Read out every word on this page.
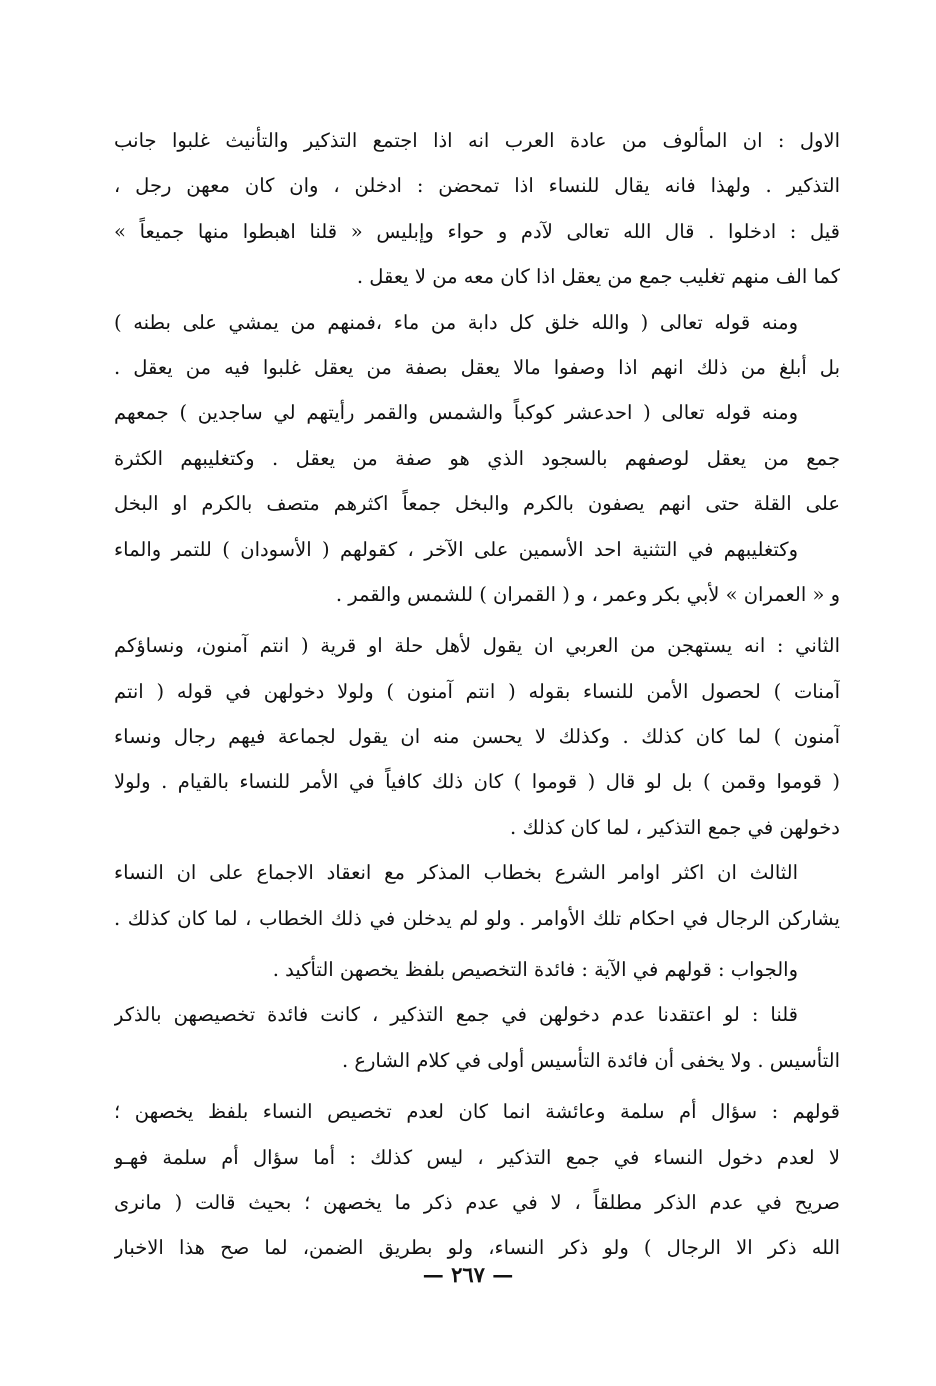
الاول : ان المألوف من عادة العرب انه اذا اجتمع التذكير والتأنيث غلبوا جانب
التذكير . ولهذا فانه يقال للنساء اذا تمحضن : ادخلن ، وان كان معهن رجل ،
قيل : ادخلوا . قال الله تعالى لآدم و حواء وإبليس « قلنا اهبطوا منها جميعاً »
كما الف منهم تغليب جمع من يعقل اذا كان معه من لا يعقل .
ومنه قوله تعالى ( والله خلق كل دابة من ماء ،فمنهم من يمشي على بطنه )
بل أبلغ من ذلك انهم اذا وصفوا مالا يعقل بصفة من يعقل غلبوا فيه من يعقل .
ومنه قوله تعالى ( احدعشر كوكباً والشمس والقمر رأيتهم لي ساجدين ) جمعهم
جمع من يعقل لوصفهم بالسجود الذي هو صفة من يعقل . وكتغليبهم الكثرة
على القلة حتى انهم يصفون بالكرم والبخل جمعاً اكثرهم متصف بالكرم او البخل
وكتغليبهم في التثنية احد الأسمين على الآخر ، كقولهم ( الأسودان ) للتمر والماء
و « العمران » لأبي بكر وعمر ، و ( القمران ) للشمس والقمر .
الثاني : انه يستهجن من العربي ان يقول لأهل حلة او قرية ( انتم آمنون، ونساؤكم
آمنات ) لحصول الأمن للنساء بقوله ( انتم آمنون ) ولولا دخولهن في قوله ( انتم
آمنون ) لما كان كذلك . وكذلك لا يحسن منه ان يقول لجماعة فيهم رجال ونساء
( قوموا وقمن ) بل لو قال ( قوموا ) كان ذلك كافياً في الأمر للنساء بالقيام . ولولا
دخولهن في جمع التذكير ، لما كان كذلك .
الثالث ان اكثر اوامر الشرع بخطاب المذكر مع انعقاد الاجماع على ان النساء
يشاركن الرجال في احكام تلك الأوامر . ولو لم يدخلن في ذلك الخطاب ، لما كان كذلك .
والجواب : قولهم في الآية : فائدة التخصيص بلفظ يخصهن التأكيد .
قلنا : لو اعتقدنا عدم دخولهن في جمع التذكير ، كانت فائدة تخصيصهن بالذكر
التأسيس . ولا يخفى أن فائدة التأسيس أولى في كلام الشارع .
قولهم : سؤال أم سلمة وعائشة انما كان لعدم تخصيص النساء بلفظ يخصهن ؛
لا لعدم دخول النساء في جمع التذكير ، ليس كذلك : أما سؤال أم سلمة فهـو
صريح في عدم الذكر مطلقاً ، لا في عدم ذكر ما يخصهن ؛ بحيث قالت ( مانرى
الله ذكر الا الرجال ) ولو ذكر النساء، ولو بطريق الضمن، لما صح هذا الاخبار
— ٢٦٧ —
